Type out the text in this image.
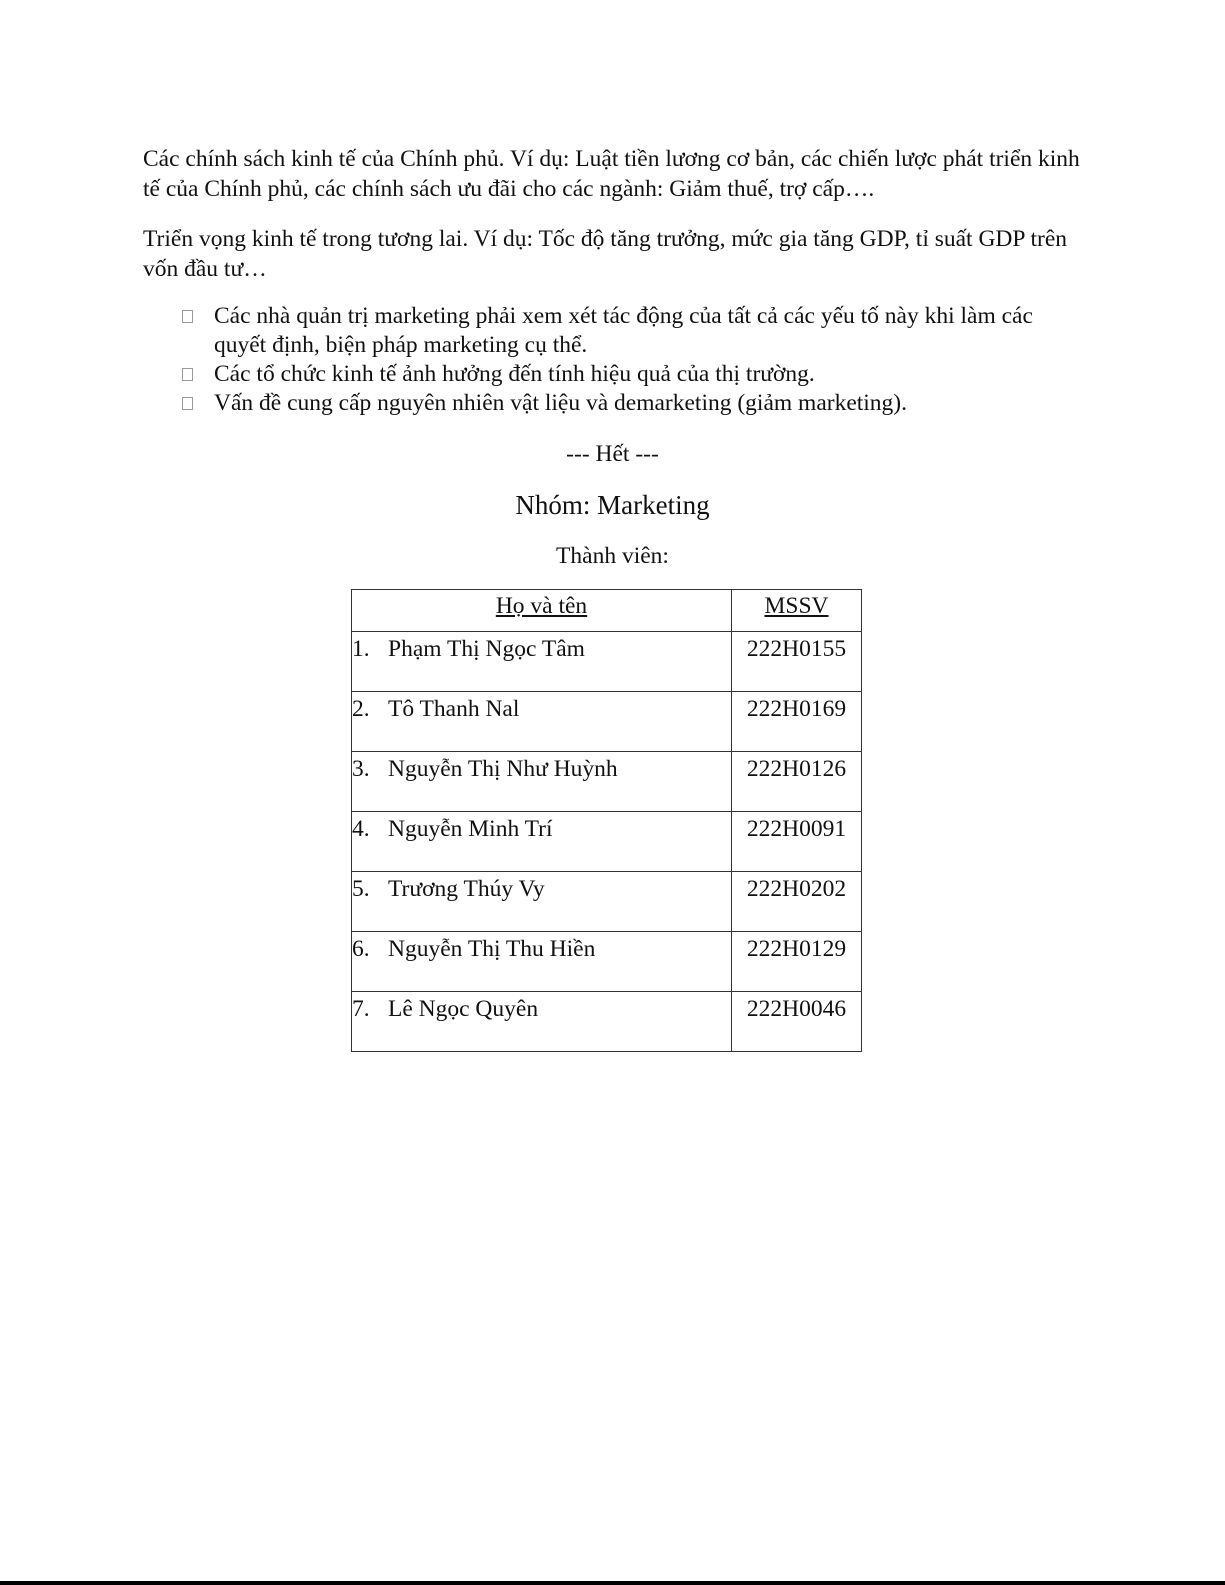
Các chính sách kinh tế của Chính phủ. Ví dụ: Luật tiền lương cơ bản, các chiến lược phát triển kinh tế của Chính phủ, các chính sách ưu đãi cho các ngành: Giảm thuế, trợ cấp….

Triển vọng kinh tế trong tương lai. Ví dụ: Tốc độ tăng trưởng, mức gia tăng GDP, tỉ suất GDP trên vốn đầu tư…

Các nhà quản trị marketing phải xem xét tác động của tất cả các yếu tố này khi làm các quyết định, biện pháp marketing cụ thể.
Các tổ chức kinh tế ảnh hưởng đến tính hiệu quả của thị trường.
Vấn đề cung cấp nguyên nhiên vật liệu và demarketing (giảm marketing).

--- Hết ---

Nhóm: Marketing

Thành viên:

Họ và tên	MSSV
1. Phạm Thị Ngọc Tâm	222H0155
2. Tô Thanh Nal	222H0169
3. Nguyễn Thị Như Huỳnh	222H0126
4. Nguyễn Minh Trí	222H0091
5. Trương Thúy Vy	222H0202
6. Nguyễn Thị Thu Hiền	222H0129
7. Lê Ngọc Quyên	222H0046
